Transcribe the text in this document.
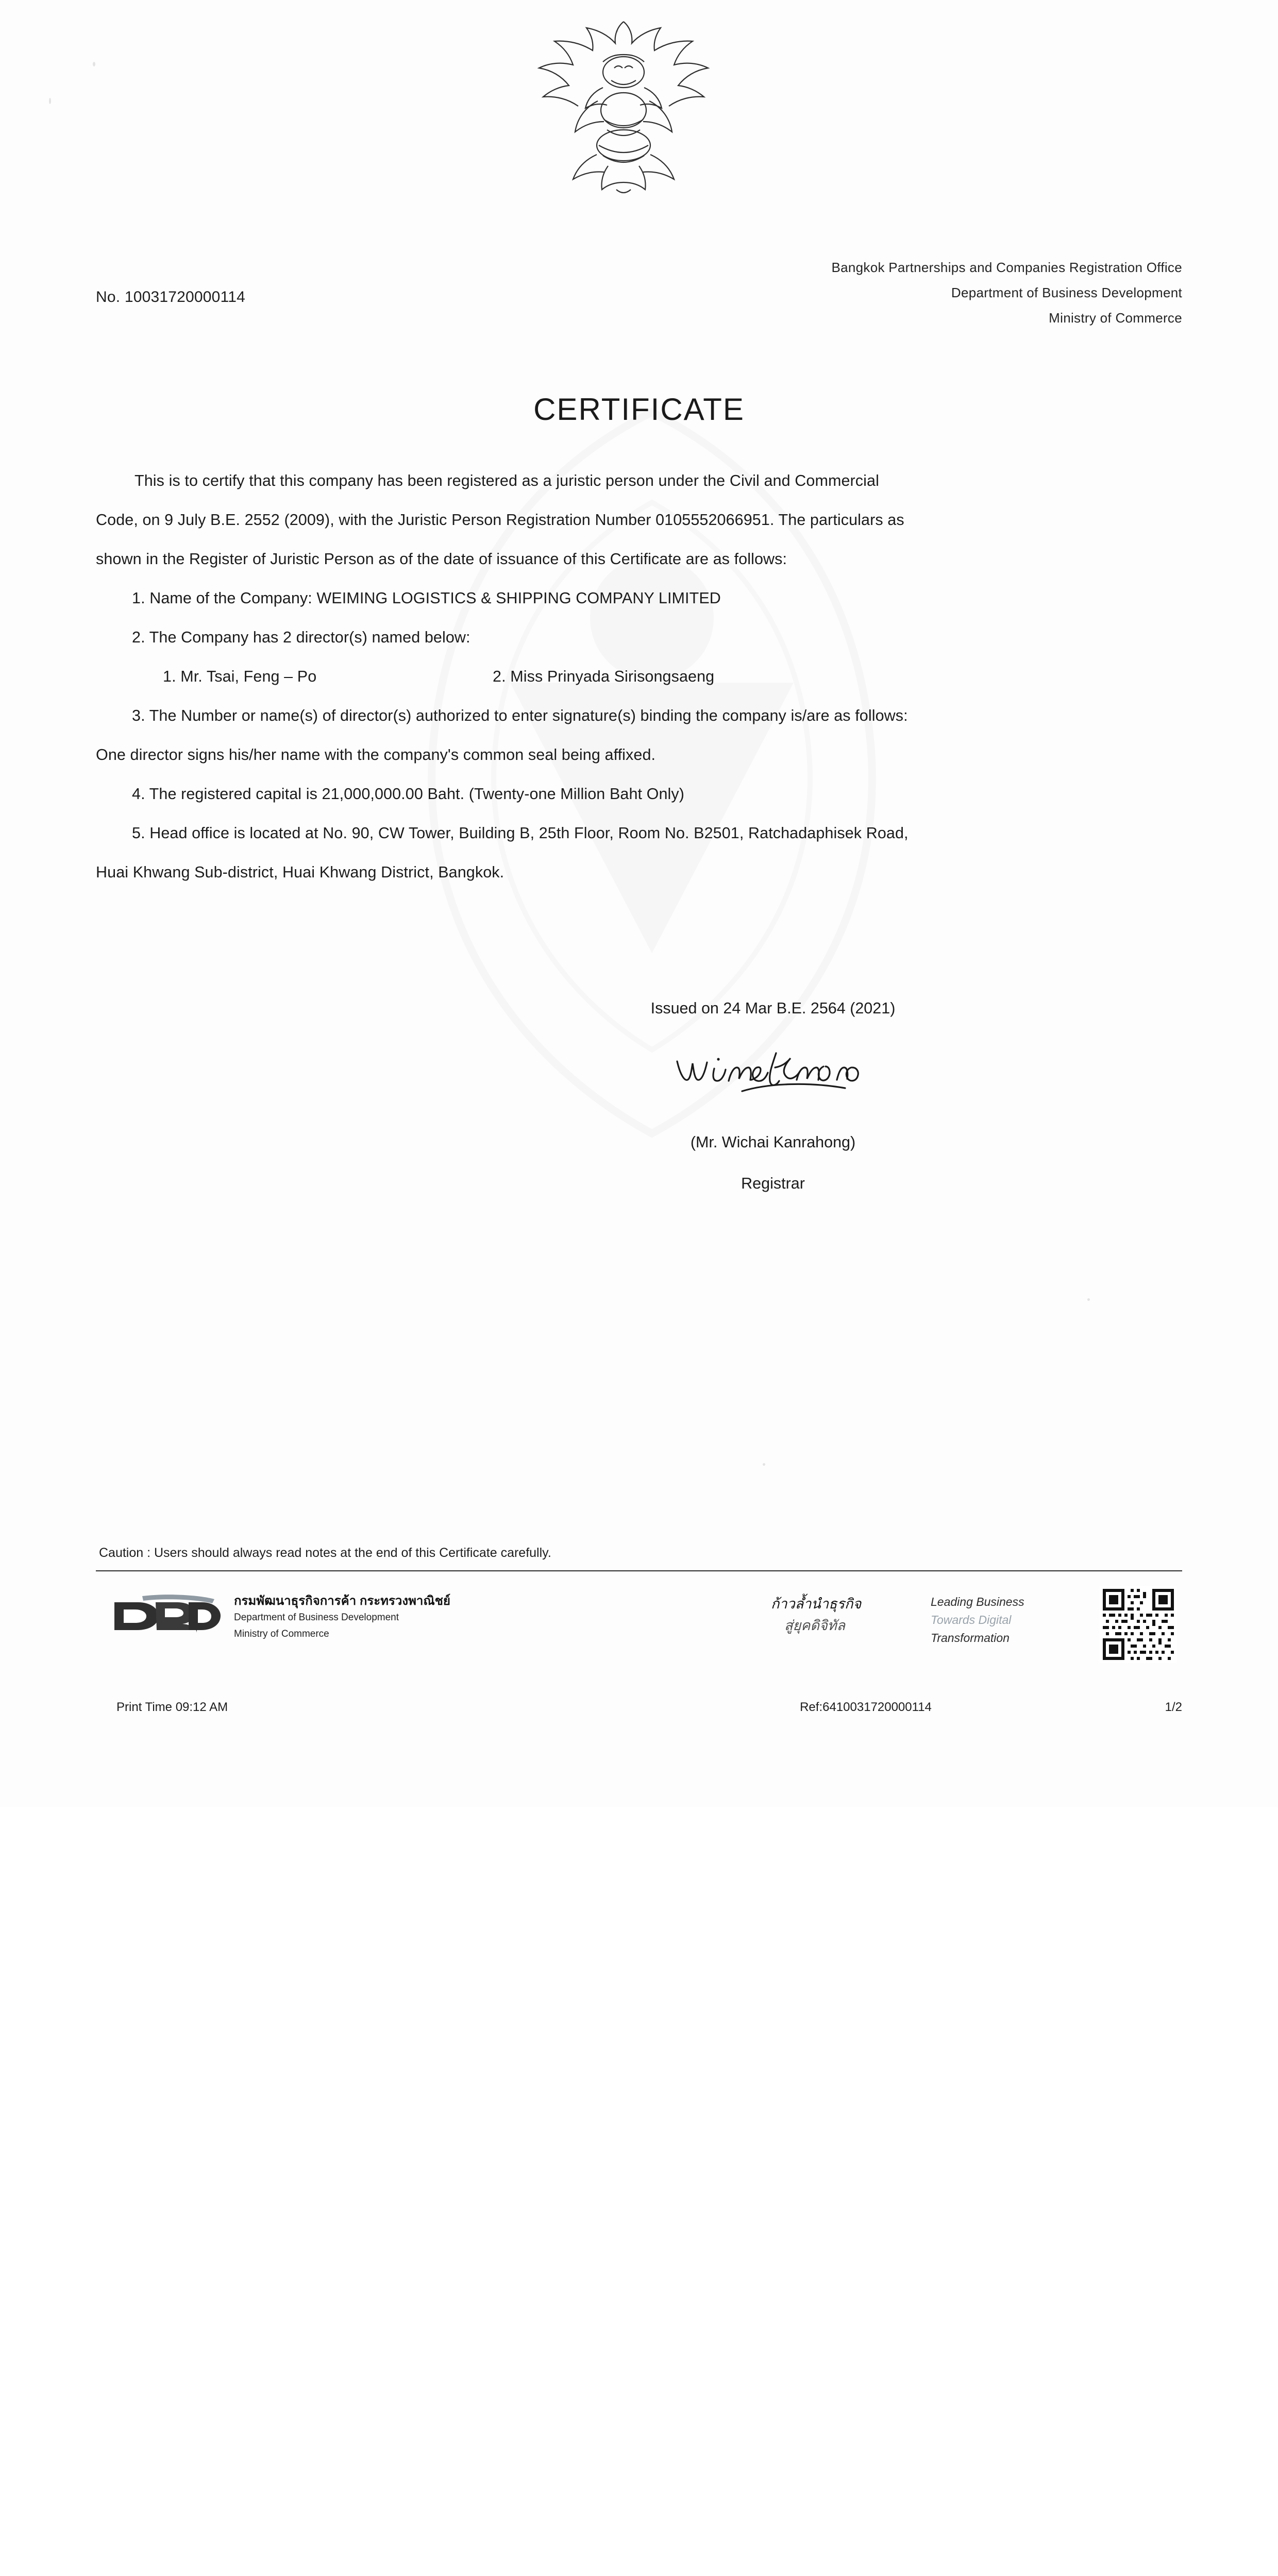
No. 10031720000114
Bangkok Partnerships and Companies Registration Office
Department of Business Development
Ministry of Commerce
CERTIFICATE

This is to certify that this company has been registered as a juristic person under the Civil and Commercial

Code, on 9 July B.E. 2552 (2009), with the Juristic Person Registration Number 0105552066951. The particulars as

shown in the Register of Juristic Person as of the date of issuance of this Certificate are as follows:

1. Name of the Company: WEIMING LOGISTICS & SHIPPING COMPANY LIMITED

2. The Company has 2 director(s) named below:

1. Mr. Tsai, Feng – Po	2. Miss Prinyada Sirisongsaeng

3. The Number or name(s) of director(s) authorized to enter signature(s) binding the company is/are as follows:

One director signs his/her name with the company's common seal being affixed.

4. The registered capital is 21,000,000.00 Baht. (Twenty-one Million Baht Only)

5. Head office is located at No. 90, CW Tower, Building B, 25th Floor, Room No. B2501, Ratchadaphisek Road,

Huai Khwang Sub-district, Huai Khwang District, Bangkok.

Issued on 24 Mar B.E. 2564 (2021)
(Mr. Wichai Kanrahong)
Registrar
Caution : Users should always read notes at the end of this Certificate carefully.
กรมพัฒนาธุรกิจการค้า กระทรวงพาณิชย์
Department of Business Development
Ministry of Commerce
ก้าวล้ำนำธุรกิจ
สู่ยุคดิจิทัล
Leading Business
Towards Digital
Transformation
Print Time 09:12 AM	Ref:6410031720000114	1/2
